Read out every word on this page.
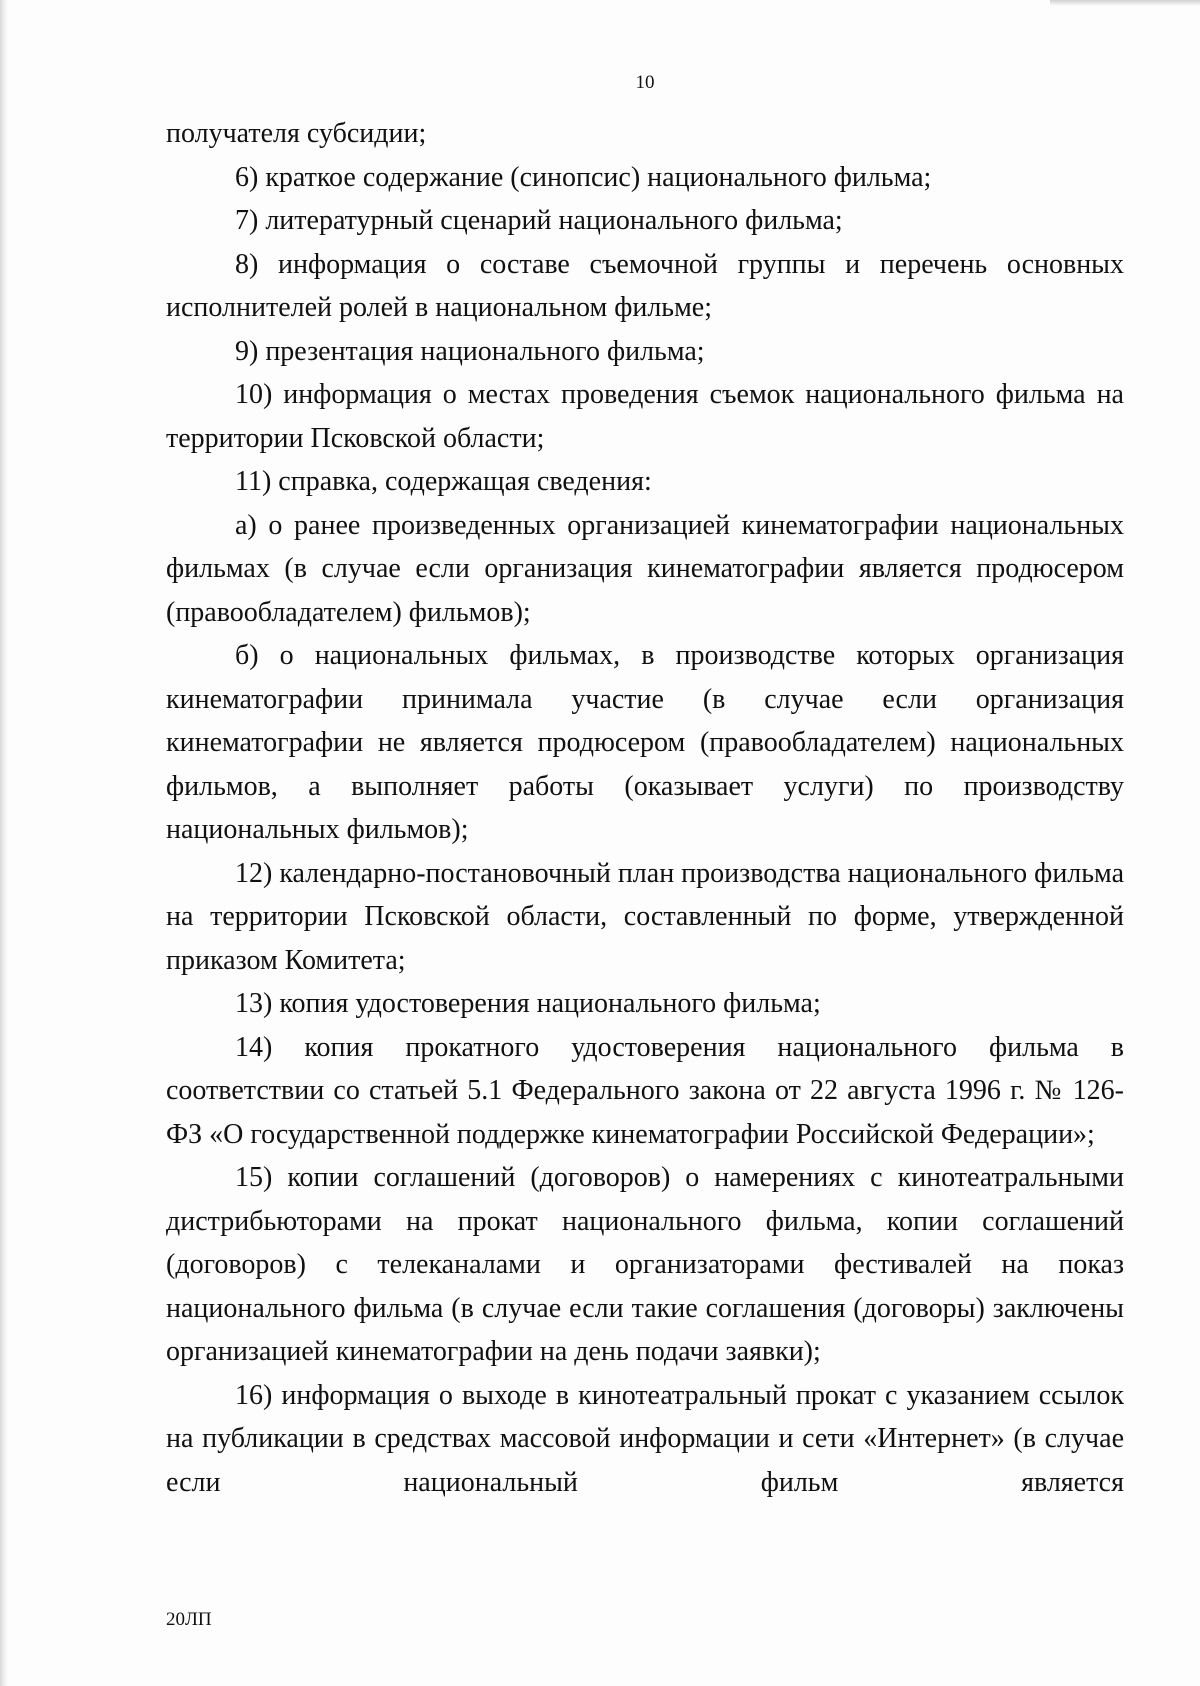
10

получателя субсидии;

6) краткое содержание (синопсис) национального фильма;

7) литературный сценарий национального фильма;

8) информация о составе съемочной группы и перечень основных исполнителей ролей в национальном фильме;

9) презентация национального фильма;

10) информация о местах проведения съемок национального фильма на территории Псковской области;

11) справка, содержащая сведения:

а) о ранее произведенных организацией кинематографии национальных фильмах (в случае если организация кинематографии является продюсером (правообладателем) фильмов);

б) о национальных фильмах, в производстве которых организация кинематографии принимала участие (в случае если организация кинематографии не является продюсером (правообладателем) национальных фильмов, а выполняет работы (оказывает услуги) по производству национальных фильмов);

12) календарно-постановочный план производства национального фильма на территории Псковской области, составленный по форме, утвержденной приказом Комитета;

13) копия удостоверения национального фильма;

14) копия прокатного удостоверения национального фильма в соответствии со статьей 5.1 Федерального закона от 22 августа 1996 г. № 126-ФЗ «О государственной поддержке кинематографии Российской Федерации»;

15) копии соглашений (договоров) о намерениях с кинотеатральными дистрибьюторами на прокат национального фильма, копии соглашений (договоров) с телеканалами и организаторами фестивалей на показ национального фильма (в случае если такие соглашения (договоры) заключены организацией кинематографии на день подачи заявки);

16) информация о выходе в кинотеатральный прокат с указанием ссылок на публикации в средствах массовой информации и сети «Интернет» (в случае если национальный фильм является

20ЛП
